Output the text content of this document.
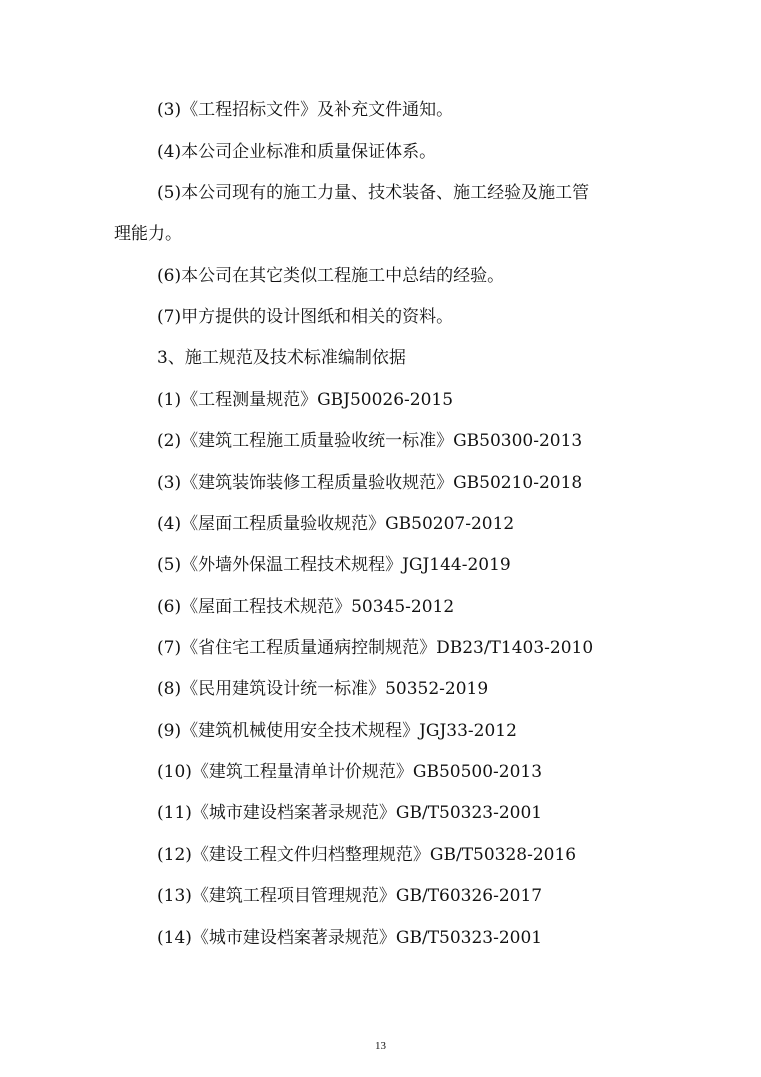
(3)《工程招标文件》及补充文件通知。
(4)本公司企业标准和质量保证体系。
(5)本公司现有的施工力量、技术装备、施工经验及施工管
理能力。
(6)本公司在其它类似工程施工中总结的经验。
(7)甲方提供的设计图纸和相关的资料。
3、施工规范及技术标准编制依据
(1)《工程测量规范》GBJ50026-2015
(2)《建筑工程施工质量验收统一标准》GB50300-2013
(3)《建筑装饰装修工程质量验收规范》GB50210-2018
(4)《屋面工程质量验收规范》GB50207-2012
(5)《外墙外保温工程技术规程》JGJ144-2019
(6)《屋面工程技术规范》50345-2012
(7)《省住宅工程质量通病控制规范》DB23/T1403-2010
(8)《民用建筑设计统一标准》50352-2019
(9)《建筑机械使用安全技术规程》JGJ33-2012
(10)《建筑工程量清单计价规范》GB50500-2013
(11)《城市建设档案著录规范》GB/T50323-2001
(12)《建设工程文件归档整理规范》GB/T50328-2016
(13)《建筑工程项目管理规范》GB/T60326-2017
(14)《城市建设档案著录规范》GB/T50323-2001
13
